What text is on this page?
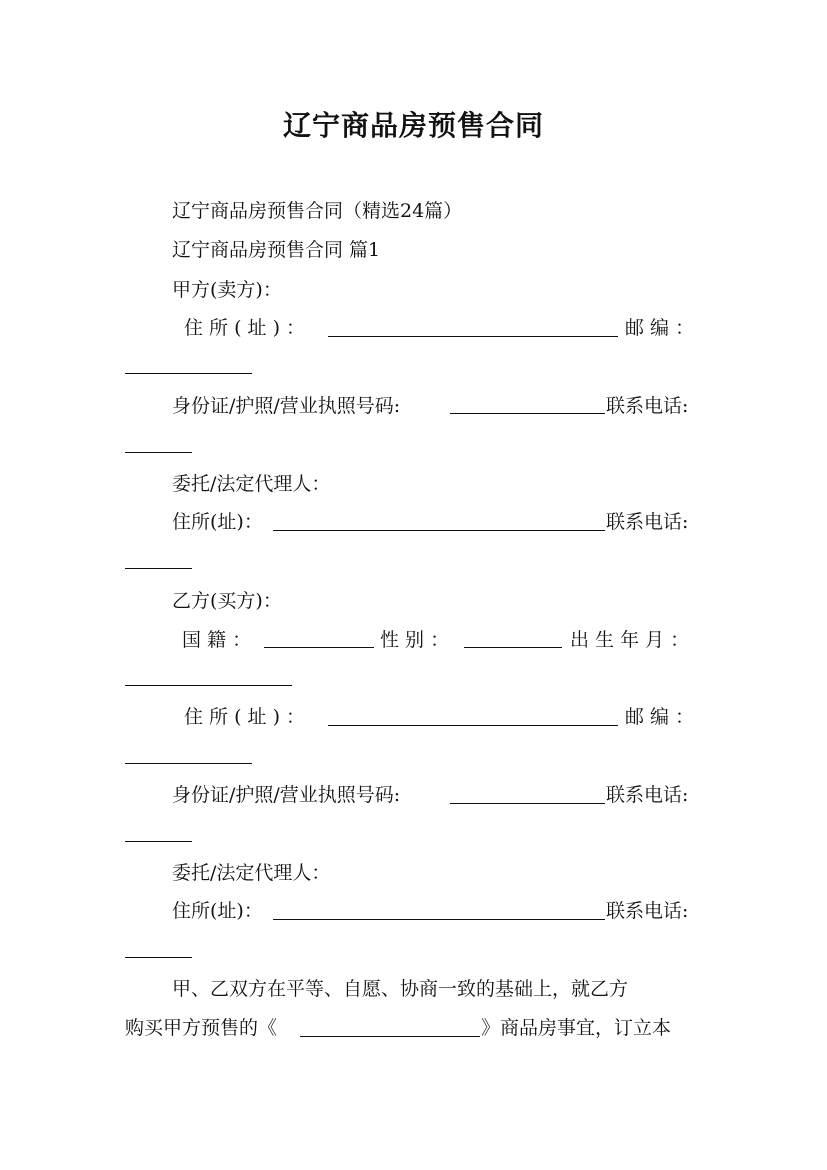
辽宁商品房预售合同
辽宁商品房预售合同（精选24篇）
辽宁商品房预售合同 篇1
甲方(卖方)：
住 所 ( 址 ) ：	邮 编 ：
身份证/护照/营业执照号码:	联系电话:
委托/法定代理人：
住所(址)：	联系电话:
乙方(买方)：
国 籍 ：	性 别 ：	出 生 年 月 ：
住 所 ( 址 ) ：	邮 编 ：
身份证/护照/营业执照号码:	联系电话:
委托/法定代理人：
住所(址)：	联系电话:
甲、乙双方在平等、自愿、协商一致的基础上，就乙方
购买甲方预售的《	》商品房事宜，订立本
